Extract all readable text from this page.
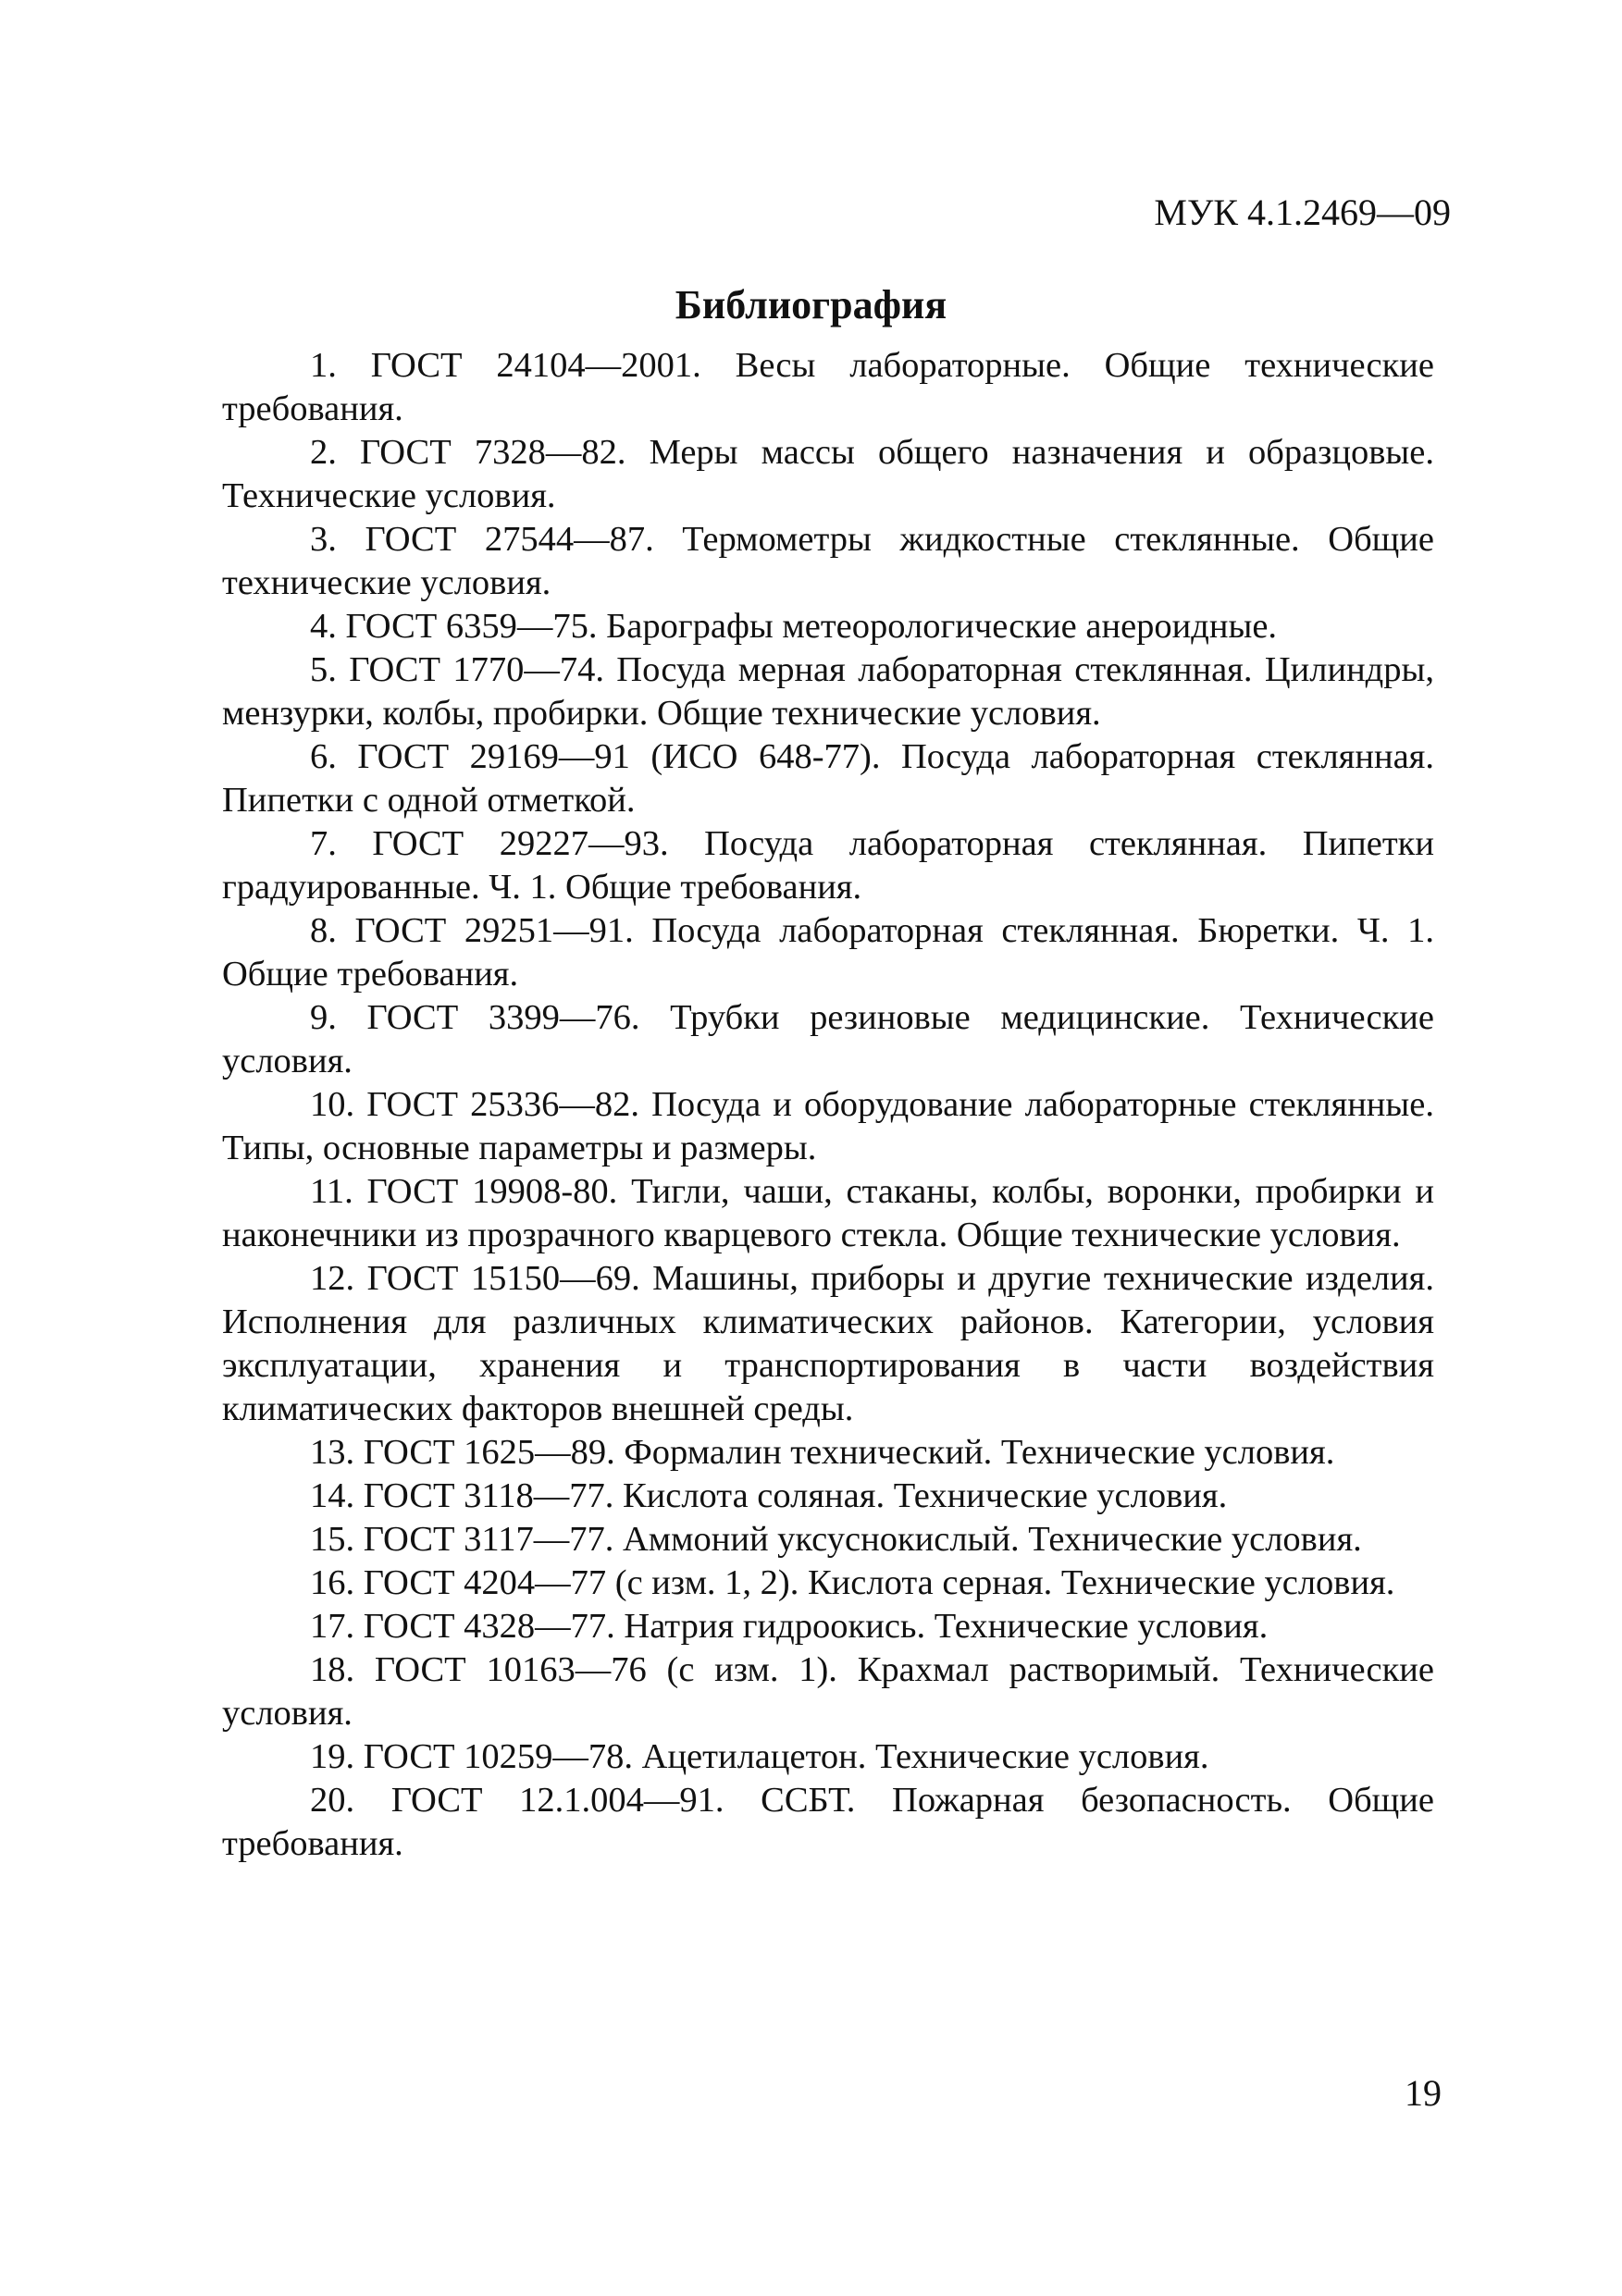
МУК 4.1.2469—09
Библиография
1. ГОСТ 24104—2001. Весы лабораторные. Общие технические требования.
2. ГОСТ 7328—82. Меры массы общего назначения и образцовые. Технические условия.
3. ГОСТ 27544—87. Термометры жидкостные стеклянные. Общие технические условия.
4. ГОСТ 6359—75. Барографы метеорологические анероидные.
5. ГОСТ 1770—74. Посуда мерная лабораторная стеклянная. Цилиндры, мензурки, колбы, пробирки. Общие технические условия.
6. ГОСТ 29169—91 (ИСО 648-77). Посуда лабораторная стеклянная. Пипетки с одной отметкой.
7. ГОСТ 29227—93. Посуда лабораторная стеклянная. Пипетки градуированные. Ч. 1. Общие требования.
8. ГОСТ 29251—91. Посуда лабораторная стеклянная. Бюретки. Ч. 1. Общие требования.
9. ГОСТ 3399—76. Трубки резиновые медицинские. Технические условия.
10. ГОСТ 25336—82. Посуда и оборудование лабораторные стеклянные. Типы, основные параметры и размеры.
11. ГОСТ 19908-80. Тигли, чаши, стаканы, колбы, воронки, пробирки и наконечники из прозрачного кварцевого стекла. Общие технические условия.
12. ГОСТ 15150—69. Машины, приборы и другие технические изделия. Исполнения для различных климатических районов. Категории, условия эксплуатации, хранения и транспортирования в части воздействия климатических факторов внешней среды.
13. ГОСТ 1625—89. Формалин технический. Технические условия.
14. ГОСТ 3118—77. Кислота соляная. Технические условия.
15. ГОСТ 3117—77. Аммоний уксуснокислый. Технические условия.
16. ГОСТ 4204—77 (с изм. 1, 2). Кислота серная. Технические условия.
17. ГОСТ 4328—77. Натрия гидроокись. Технические условия.
18. ГОСТ 10163—76 (с изм. 1). Крахмал растворимый. Технические условия.
19. ГОСТ 10259—78. Ацетилацетон. Технические условия.
20. ГОСТ 12.1.004—91. ССБТ. Пожарная безопасность. Общие требования.
19
